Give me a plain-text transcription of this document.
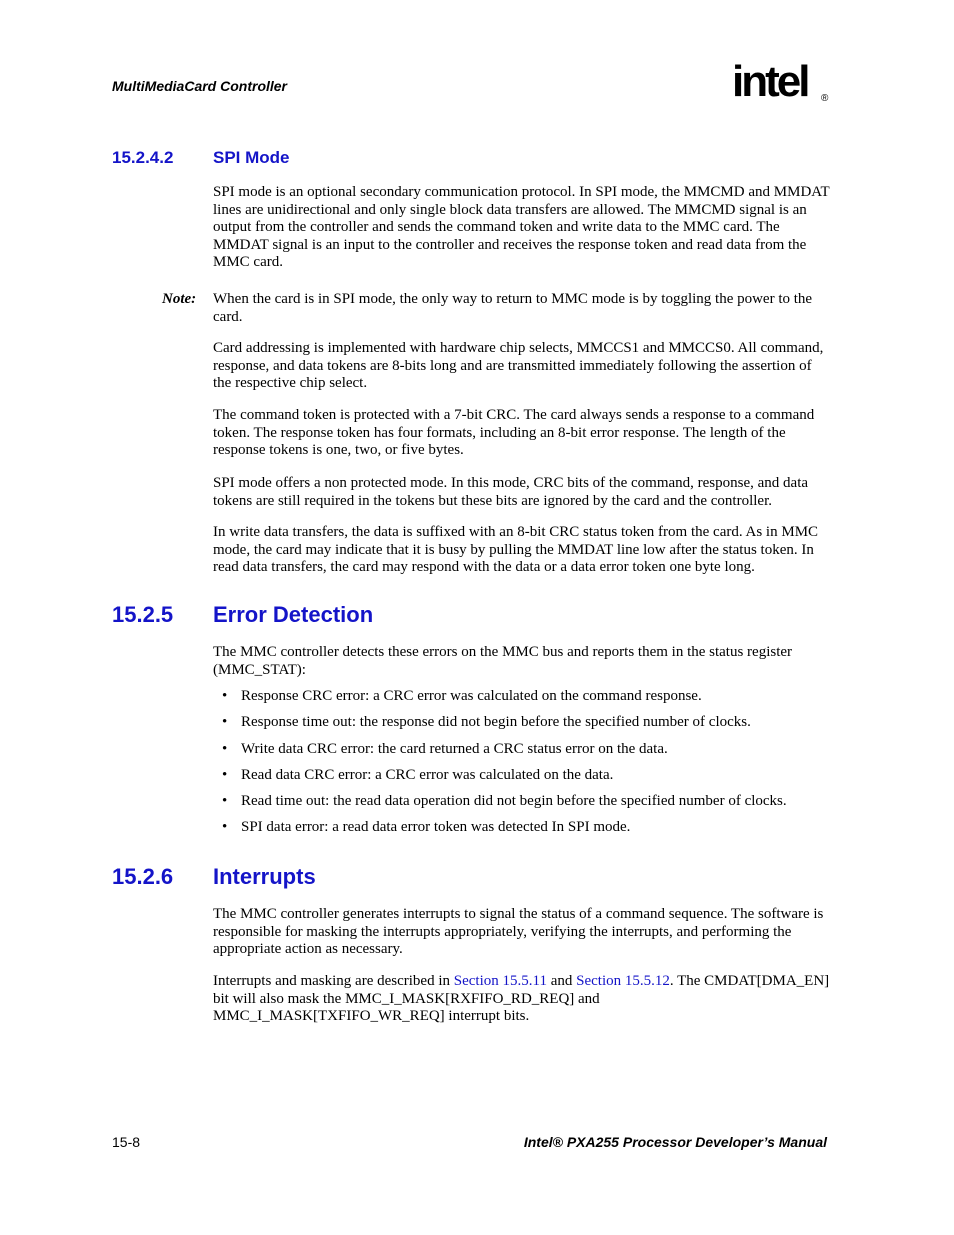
MultiMediaCard Controller	intel ®
15.2.4.2 SPI Mode

SPI mode is an optional secondary communication protocol. In SPI mode, the MMCMD and MMDAT lines are unidirectional and only single block data transfers are allowed. The MMCMD signal is an output from the controller and sends the command token and write data to the MMC card. The MMDAT signal is an input to the controller and receives the response token and read data from the MMC card.

Note: When the card is in SPI mode, the only way to return to MMC mode is by toggling the power to the card.

Card addressing is implemented with hardware chip selects, MMCCS1 and MMCCS0. All command, response, and data tokens are 8-bits long and are transmitted immediately following the assertion of the respective chip select.

The command token is protected with a 7-bit CRC. The card always sends a response to a command token. The response token has four formats, including an 8-bit error response. The length of the response tokens is one, two, or five bytes.

SPI mode offers a non protected mode. In this mode, CRC bits of the command, response, and data tokens are still required in the tokens but these bits are ignored by the card and the controller.

In write data transfers, the data is suffixed with an 8-bit CRC status token from the card. As in MMC mode, the card may indicate that it is busy by pulling the MMDAT line low after the status token. In read data transfers, the card may respond with the data or a data error token one byte long.

15.2.5 Error Detection

The MMC controller detects these errors on the MMC bus and reports them in the status register (MMC_STAT):

• Response CRC error: a CRC error was calculated on the command response.
• Response time out: the response did not begin before the specified number of clocks.
• Write data CRC error: the card returned a CRC status error on the data.
• Read data CRC error: a CRC error was calculated on the data.
• Read time out: the read data operation did not begin before the specified number of clocks.
• SPI data error: a read data error token was detected In SPI mode.
15.2.6 Interrupts

The MMC controller generates interrupts to signal the status of a command sequence. The software is responsible for masking the interrupts appropriately, verifying the interrupts, and performing the appropriate action as necessary.

Interrupts and masking are described in Section 15.5.11 and Section 15.5.12. The CMDAT[DMA_EN] bit will also mask the MMC_I_MASK[RXFIFO_RD_REQ] and MMC_I_MASK[TXFIFO_WR_REQ] interrupt bits.

15-8	Intel® PXA255 Processor Developer’s Manual
